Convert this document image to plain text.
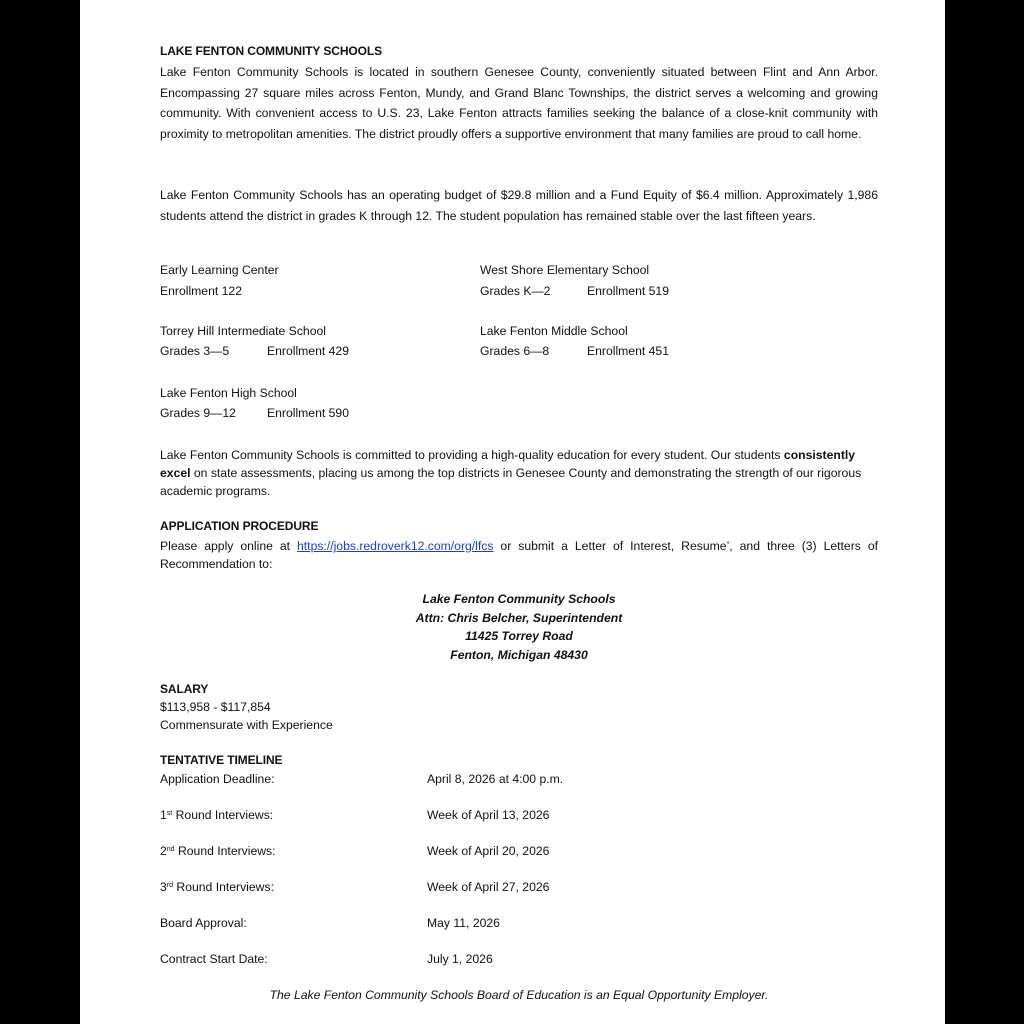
LAKE FENTON COMMUNITY SCHOOLS
Lake Fenton Community Schools is located in southern Genesee County, conveniently situated between Flint and Ann Arbor. Encompassing 27 square miles across Fenton, Mundy, and Grand Blanc Townships, the district serves a welcoming and growing community. With convenient access to U.S. 23, Lake Fenton attracts families seeking the balance of a close-knit community with proximity to metropolitan amenities. The district proudly offers a supportive environment that many families are proud to call home.
Lake Fenton Community Schools has an operating budget of $29.8 million and a Fund Equity of $6.4 million. Approximately 1,986 students attend the district in grades K through 12. The student population has remained stable over the last fifteen years.
Early Learning Center
Enrollment 122
West Shore Elementary School
Grades K—2	Enrollment 519
Torrey Hill Intermediate School
Grades 3—5	Enrollment 429
Lake Fenton Middle School
Grades 6—8	Enrollment 451
Lake Fenton High School
Grades 9—12	Enrollment 590
Lake Fenton Community Schools is committed to providing a high-quality education for every student. Our students consistently excel on state assessments, placing us among the top districts in Genesee County and demonstrating the strength of our rigorous academic programs.
APPLICATION PROCEDURE
Please apply online at https://jobs.redroverk12.com/org/lfcs or submit a Letter of Interest, Resume’, and three (3) Letters of Recommendation to:
Lake Fenton Community Schools
Attn: Chris Belcher, Superintendent
11425 Torrey Road
Fenton, Michigan 48430
SALARY
$113,958 - $117,854
Commensurate with Experience
TENTATIVE TIMELINE
Application Deadline:	April 8, 2026 at 4:00 p.m.
1st Round Interviews:	Week of April 13, 2026
2nd Round Interviews:	Week of April 20, 2026
3rd Round Interviews:	Week of April 27, 2026
Board Approval:	May 11, 2026
Contract Start Date:	July 1, 2026
The Lake Fenton Community Schools Board of Education is an Equal Opportunity Employer.
